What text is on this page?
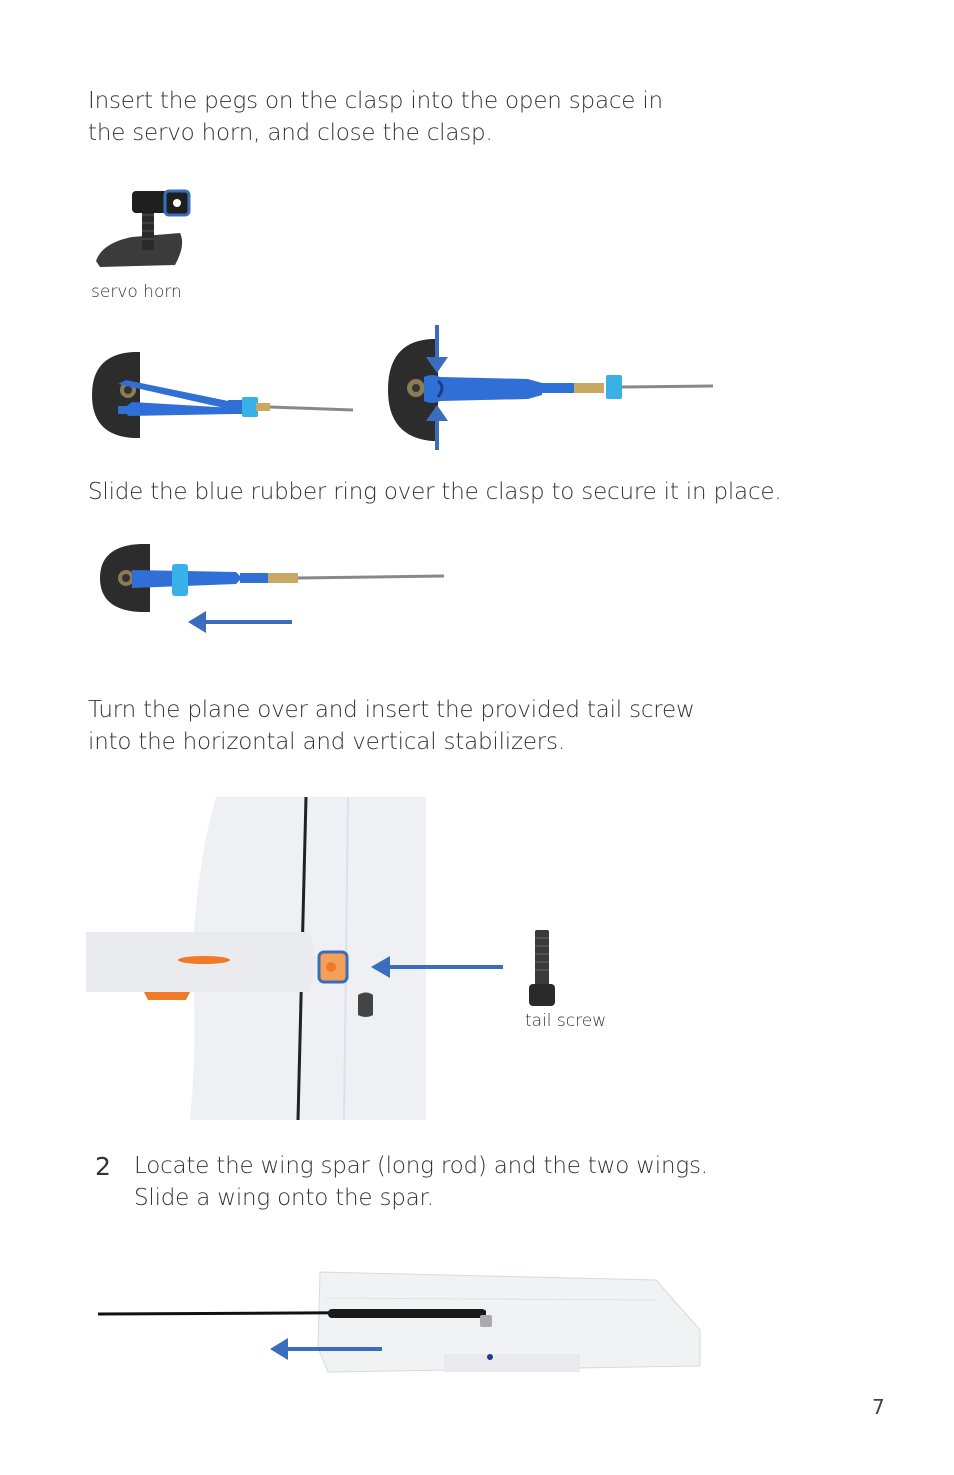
Insert the pegs on the clasp into the open space in
the servo horn, and close the clasp.

servo horn

Slide the blue rubber ring over the clasp to secure it in place.

Turn the plane over and insert the provided tail screw
into the horizontal and vertical stabilizers.

tail screw
2 Locate the wing spar (long rod) and the two wings.
Slide a wing onto the spar.

7
